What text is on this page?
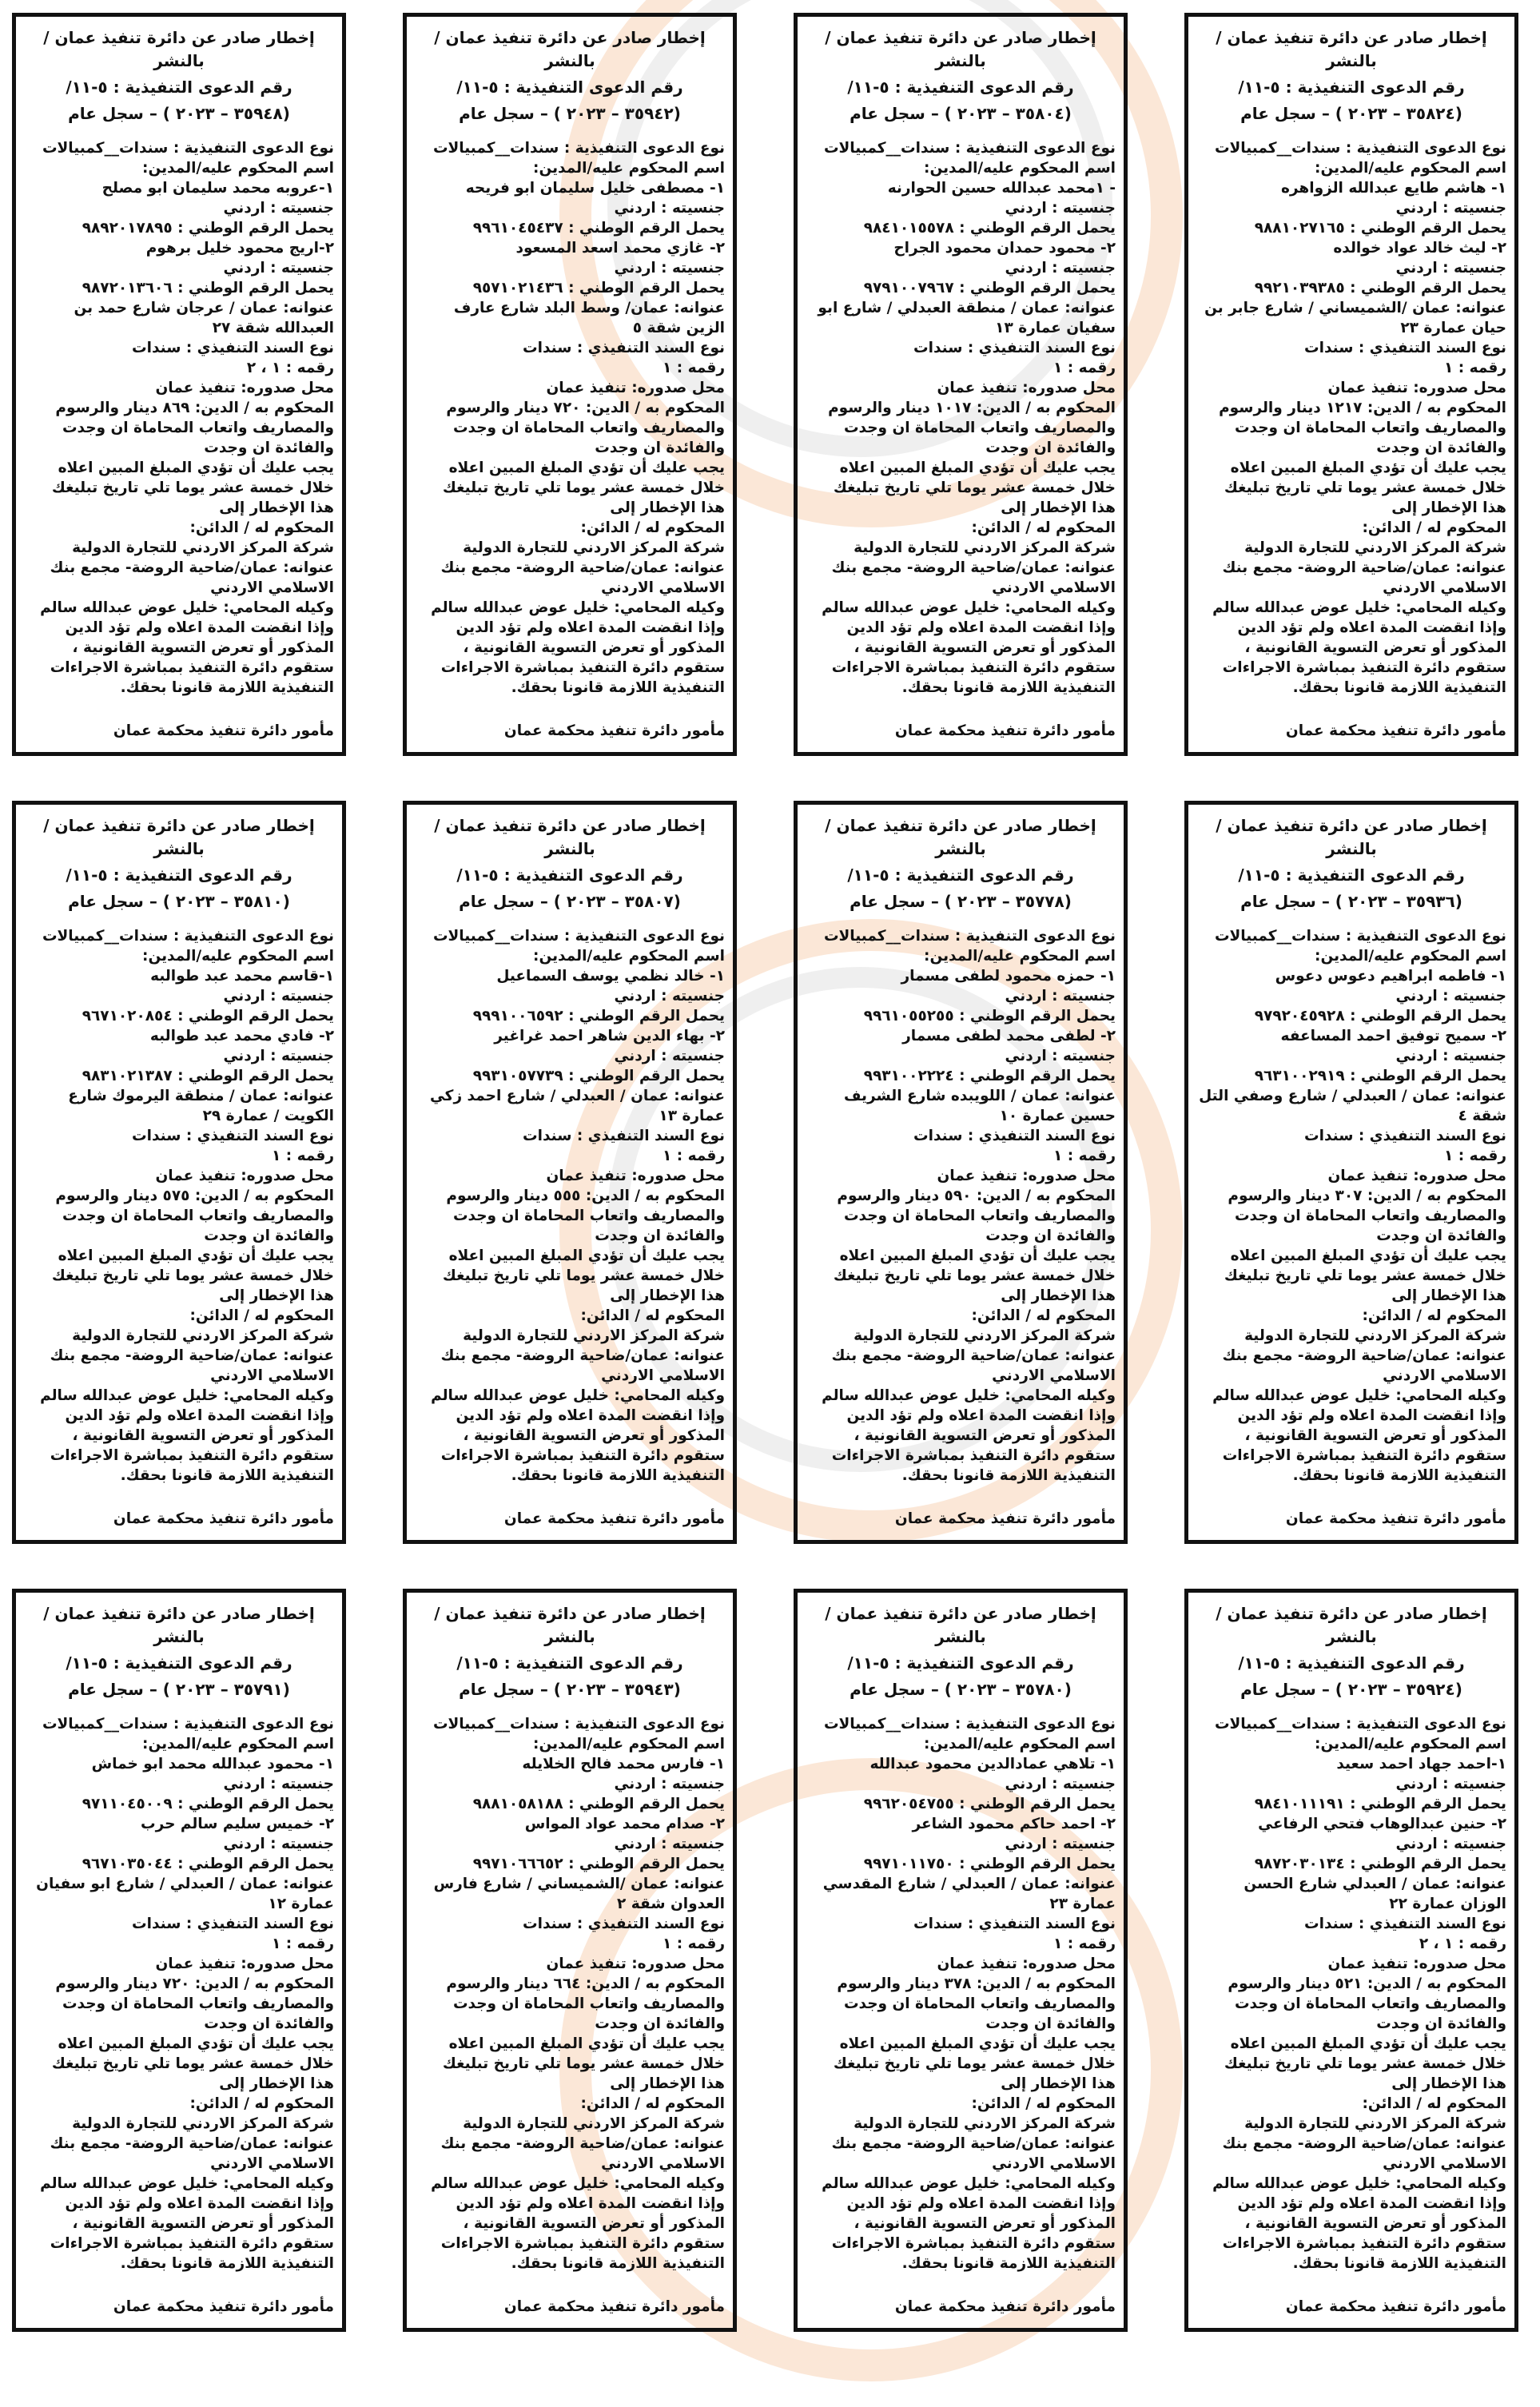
إخطار صادر عن دائرة تنفيذ عمان / بالنشر
رقم الدعوى التنفيذية : ٥-١١/
(٣٥٨٢٤ – ٢٠٢٣ ) – سجل عام
نوع الدعوى التنفيذية : سندات__كمبيالات
اسم المحكوم عليه/المدين:
١- هاشم طايع عبدالله الزواهره
جنسيته : اردني
يحمل الرقم الوطني : ٩٨٨١٠٢٧١٦٥
٢- ليث خالد عواد خوالده
جنسيته : اردني
يحمل الرقم الوطني : ٩٩٢١٠٣٩٣٨٥
عنوانه: عمان /الشميساني / شارع جابر بن حيان عمارة ٢٣
نوع السند التنفيذي : سندات
رقمه : ١
محل صدوره: تنفيذ عمان
المحكوم به / الدين: ١٢١٧ دينار والرسوم والمصاريف واتعاب المحاماة ان وجدت والفائدة ان وجدت
يجب عليك أن تؤدي المبلغ المبين اعلاه خلال خمسة عشر يوما تلي تاريخ تبليغك هذا الإخطار إلى
المحكوم له / الدائن:
شركة المركز الاردني للتجارة الدولية
عنوانه: عمان/ضاحية الروضة- مجمع بنك الاسلامي الاردني
وكيله المحامي: خليل عوض عبدالله سالم
وإذا انقضت المدة اعلاه ولم تؤد الدين المذكور أو تعرض التسوية القانونية ، ستقوم دائرة التنفيذ بمباشرة الاجراءات التنفيذية اللازمة قانونا بحقك.
مأمور دائرة تنفيذ محكمة عمان
إخطار صادر عن دائرة تنفيذ عمان / بالنشر
رقم الدعوى التنفيذية : ٥-١١/
(٣٥٨٠٤ – ٢٠٢٣ ) – سجل عام
نوع الدعوى التنفيذية : سندات__كمبيالات
اسم المحكوم عليه/المدين:
- ١محمد عبدالله حسين الحوارنه
جنسيته : اردني
يحمل الرقم الوطني : ٩٨٤١٠١٥٥٧٨
٢- محمود حمدان محمود الجراح
جنسيته : اردني
يحمل الرقم الوطني : ٩٧٩١٠٠٧٩٦٧
عنوانه: عمان / منطقة العبدلي / شارع ابو سفيان عمارة ١٣
نوع السند التنفيذي : سندات
رقمه : ١
محل صدوره: تنفيذ عمان
المحكوم به / الدين: ١٠١٧ دينار والرسوم والمصاريف واتعاب المحاماة ان وجدت والفائدة ان وجدت
يجب عليك أن تؤدي المبلغ المبين اعلاه خلال خمسة عشر يوما تلي تاريخ تبليغك هذا الإخطار إلى
المحكوم له / الدائن:
شركة المركز الاردني للتجارة الدولية
عنوانه: عمان/ضاحية الروضة- مجمع بنك الاسلامي الاردني
وكيله المحامي: خليل عوض عبدالله سالم
وإذا انقضت المدة اعلاه ولم تؤد الدين المذكور أو تعرض التسوية القانونية ، ستقوم دائرة التنفيذ بمباشرة الاجراءات التنفيذية اللازمة قانونا بحقك.
مأمور دائرة تنفيذ محكمة عمان
إخطار صادر عن دائرة تنفيذ عمان / بالنشر
رقم الدعوى التنفيذية : ٥-١١/
(٣٥٩٤٢ – ٢٠٢٣ ) – سجل عام
نوع الدعوى التنفيذية : سندات__كمبيالات
اسم المحكوم عليه/المدين:
١- مصطفى خليل سليمان ابو فريحه
جنسيته : اردني
يحمل الرقم الوطني : ٩٩٦١٠٤٥٤٣٧
٢- غازي محمد اسعد المسعود
جنسيته : اردني
يحمل الرقم الوطني : ٩٥٧١٠٢١٤٣٦
عنوانه: عمان/ وسط البلد شارع عارف الزين شقة ٥
نوع السند التنفيذي : سندات
رقمه : ١
محل صدوره: تنفيذ عمان
المحكوم به / الدين: ٧٢٠ دينار والرسوم والمصاريف واتعاب المحاماة ان وجدت والفائدة ان وجدت
يجب عليك أن تؤدي المبلغ المبين اعلاه خلال خمسة عشر يوما تلي تاريخ تبليغك هذا الإخطار إلى
المحكوم له / الدائن:
شركة المركز الاردني للتجارة الدولية
عنوانه: عمان/ضاحية الروضة- مجمع بنك الاسلامي الاردني
وكيله المحامي: خليل عوض عبدالله سالم
وإذا انقضت المدة اعلاه ولم تؤد الدين المذكور أو تعرض التسوية القانونية ، ستقوم دائرة التنفيذ بمباشرة الاجراءات التنفيذية اللازمة قانونا بحقك.
مأمور دائرة تنفيذ محكمة عمان
إخطار صادر عن دائرة تنفيذ عمان / بالنشر
رقم الدعوى التنفيذية : ٥-١١/
(٣٥٩٤٨ – ٢٠٢٣ ) – سجل عام
نوع الدعوى التنفيذية : سندات__كمبيالات
اسم المحكوم عليه/المدين:
١-عروبه محمد سليمان ابو مصلح
جنسيته : اردني
يحمل الرقم الوطني : ٩٨٩٢٠١٧٨٩٥
٢-اريج محمود خليل برهوم
جنسيته : اردني
يحمل الرقم الوطني : ٩٨٧٢٠١٣٦٠٦
عنوانه: عمان / عرجان شارع حمد بن العبدالله شقة ٢٧
نوع السند التنفيذي : سندات
رقمه : ١ ، ٢
محل صدوره: تنفيذ عمان
المحكوم به / الدين: ٨٦٩ دينار والرسوم والمصاريف واتعاب المحاماة ان وجدت والفائدة ان وجدت
يجب عليك أن تؤدي المبلغ المبين اعلاه خلال خمسة عشر يوما تلي تاريخ تبليغك هذا الإخطار إلى
المحكوم له / الدائن:
شركة المركز الاردني للتجارة الدولية
عنوانه: عمان/ضاحية الروضة- مجمع بنك الاسلامي الاردني
وكيله المحامي: خليل عوض عبدالله سالم
وإذا انقضت المدة اعلاه ولم تؤد الدين المذكور أو تعرض التسوية القانونية ، ستقوم دائرة التنفيذ بمباشرة الاجراءات التنفيذية اللازمة قانونا بحقك.
مأمور دائرة تنفيذ محكمة عمان
إخطار صادر عن دائرة تنفيذ عمان / بالنشر
رقم الدعوى التنفيذية : ٥-١١/
(٣٥٩٣٦ – ٢٠٢٣ ) – سجل عام
نوع الدعوى التنفيذية : سندات__كمبيالات
اسم المحكوم عليه/المدين:
١- فاطمه ابراهيم دعوس دعوس
جنسيته : اردني
يحمل الرقم الوطني : ٩٧٩٢٠٤٥٩٢٨
٢- سميح توفيق احمد المساعفه
جنسيته : اردني
يحمل الرقم الوطني : ٩٦٣١٠٠٢٩١٩
عنوانه: عمان / العبدلي / شارع وصفي التل شقة ٤
نوع السند التنفيذي : سندات
رقمه : ١
محل صدوره: تنفيذ عمان
المحكوم به / الدين: ٣٠٧ دينار والرسوم والمصاريف واتعاب المحاماة ان وجدت والفائدة ان وجدت
يجب عليك أن تؤدي المبلغ المبين اعلاه خلال خمسة عشر يوما تلي تاريخ تبليغك هذا الإخطار إلى
المحكوم له / الدائن:
شركة المركز الاردني للتجارة الدولية
عنوانه: عمان/ضاحية الروضة- مجمع بنك الاسلامي الاردني
وكيله المحامي: خليل عوض عبدالله سالم
وإذا انقضت المدة اعلاه ولم تؤد الدين المذكور أو تعرض التسوية القانونية ، ستقوم دائرة التنفيذ بمباشرة الاجراءات التنفيذية اللازمة قانونا بحقك.
مأمور دائرة تنفيذ محكمة عمان
إخطار صادر عن دائرة تنفيذ عمان / بالنشر
رقم الدعوى التنفيذية : ٥-١١/
(٣٥٧٧٨ – ٢٠٢٣ ) – سجل عام
نوع الدعوى التنفيذية : سندات__كمبيالات
اسم المحكوم عليه/المدين:
١- حمزه محمود لطفى مسمار
جنسيته : اردني
يحمل الرقم الوطني : ٩٩٦١٠٥٥٢٥٥
٢- لطفى محمد لطفى مسمار
جنسيته : اردني
يحمل الرقم الوطني : ٩٩٣١٠٠٢٢٢٤
عنوانه: عمان / اللويبده شارع الشريف حسين عمارة ١٠
نوع السند التنفيذي : سندات
رقمه : ١
محل صدوره: تنفيذ عمان
المحكوم به / الدين: ٥٩٠ دينار والرسوم والمصاريف واتعاب المحاماة ان وجدت والفائدة ان وجدت
يجب عليك أن تؤدي المبلغ المبين اعلاه خلال خمسة عشر يوما تلي تاريخ تبليغك هذا الإخطار إلى
المحكوم له / الدائن:
شركة المركز الاردني للتجارة الدولية
عنوانه: عمان/ضاحية الروضة- مجمع بنك الاسلامي الاردني
وكيله المحامي: خليل عوض عبدالله سالم
وإذا انقضت المدة اعلاه ولم تؤد الدين المذكور أو تعرض التسوية القانونية ، ستقوم دائرة التنفيذ بمباشرة الاجراءات التنفيذية اللازمة قانونا بحقك.
مأمور دائرة تنفيذ محكمة عمان
إخطار صادر عن دائرة تنفيذ عمان / بالنشر
رقم الدعوى التنفيذية : ٥-١١/
(٣٥٨٠٧ – ٢٠٢٣ ) – سجل عام
نوع الدعوى التنفيذية : سندات__كمبيالات
اسم المحكوم عليه/المدين:
١- خالد نظمي يوسف السماعيل
جنسيته : اردني
يحمل الرقم الوطني : ٩٩٩١٠٠٦٥٩٢
٢- بهاء الدين شاهر احمد غراغير
جنسيته : اردني
يحمل الرقم الوطني : ٩٩٣١٠٥٧٧٣٩
عنوانه: عمان / العبدلي / شارع احمد زكي عمارة ١٣
نوع السند التنفيذي : سندات
رقمه : ١
محل صدوره: تنفيذ عمان
المحكوم به / الدين: ٥٥٥ دينار والرسوم والمصاريف واتعاب المحاماة ان وجدت والفائدة ان وجدت
يجب عليك أن تؤدي المبلغ المبين اعلاه خلال خمسة عشر يوما تلي تاريخ تبليغك هذا الإخطار إلى
المحكوم له / الدائن:
شركة المركز الاردني للتجارة الدولية
عنوانه: عمان/ضاحية الروضة- مجمع بنك الاسلامي الاردني
وكيله المحامي: خليل عوض عبدالله سالم
وإذا انقضت المدة اعلاه ولم تؤد الدين المذكور أو تعرض التسوية القانونية ، ستقوم دائرة التنفيذ بمباشرة الاجراءات التنفيذية اللازمة قانونا بحقك.
مأمور دائرة تنفيذ محكمة عمان
إخطار صادر عن دائرة تنفيذ عمان / بالنشر
رقم الدعوى التنفيذية : ٥-١١/
(٣٥٨١٠ – ٢٠٢٣ ) – سجل عام
نوع الدعوى التنفيذية : سندات__كمبيالات
اسم المحكوم عليه/المدين:
١-قاسم محمد عبد طوالبه
جنسيته : اردني
يحمل الرقم الوطني : ٩٦٧١٠٢٠٨٥٤
٢- فادي محمد عبد طوالبه
جنسيته : اردني
يحمل الرقم الوطني : ٩٨٣١٠٢١٣٨٧
عنوانه: عمان / منطقة اليرموك شارع الكويت / عمارة ٢٩
نوع السند التنفيذي : سندات
رقمه : ١
محل صدوره: تنفيذ عمان
المحكوم به / الدين: ٥٧٥ دينار والرسوم والمصاريف واتعاب المحاماة ان وجدت والفائدة ان وجدت
يجب عليك أن تؤدي المبلغ المبين اعلاه خلال خمسة عشر يوما تلي تاريخ تبليغك هذا الإخطار إلى
المحكوم له / الدائن:
شركة المركز الاردني للتجارة الدولية
عنوانه: عمان/ضاحية الروضة- مجمع بنك الاسلامي الاردني
وكيله المحامي: خليل عوض عبدالله سالم
وإذا انقضت المدة اعلاه ولم تؤد الدين المذكور أو تعرض التسوية القانونية ، ستقوم دائرة التنفيذ بمباشرة الاجراءات التنفيذية اللازمة قانونا بحقك.
مأمور دائرة تنفيذ محكمة عمان
إخطار صادر عن دائرة تنفيذ عمان / بالنشر
رقم الدعوى التنفيذية : ٥-١١/
(٣٥٩٢٤ – ٢٠٢٣ ) – سجل عام
نوع الدعوى التنفيذية : سندات__كمبيالات
اسم المحكوم عليه/المدين:
١-احمد جهاد احمد سعيد
جنسيته : اردني
يحمل الرقم الوطني : ٩٨٤١٠١١١٩١
٢- حنين عبدالوهاب فتحي الرفاعي
جنسيته : اردني
يحمل الرقم الوطني : ٩٨٧٢٠٣٠١٣٤
عنوانه: عمان / العبدلي شارع الحسن الوزان عمارة ٢٢
نوع السند التنفيذي : سندات
رقمه : ١ ، ٢
محل صدوره: تنفيذ عمان
المحكوم به / الدين: ٥٢١ دينار والرسوم والمصاريف واتعاب المحاماة ان وجدت والفائدة ان وجدت
يجب عليك أن تؤدي المبلغ المبين اعلاه خلال خمسة عشر يوما تلي تاريخ تبليغك هذا الإخطار إلى
المحكوم له / الدائن:
شركة المركز الاردني للتجارة الدولية
عنوانه: عمان/ضاحية الروضة- مجمع بنك الاسلامي الاردني
وكيله المحامي: خليل عوض عبدالله سالم
وإذا انقضت المدة اعلاه ولم تؤد الدين المذكور أو تعرض التسوية القانونية ، ستقوم دائرة التنفيذ بمباشرة الاجراءات التنفيذية اللازمة قانونا بحقك.
مأمور دائرة تنفيذ محكمة عمان
إخطار صادر عن دائرة تنفيذ عمان / بالنشر
رقم الدعوى التنفيذية : ٥-١١/
(٣٥٧٨٠ – ٢٠٢٣ ) – سجل عام
نوع الدعوى التنفيذية : سندات__كمبيالات
اسم المحكوم عليه/المدين:
١- تلاهي عمادالدين محمود عبدالله
جنسيته : اردني
يحمل الرقم الوطني : ٩٩٦٢٠٥٤٧٥٥
٢- احمد حاكم محمود الشاعر
جنسيته : اردني
يحمل الرقم الوطني : ٩٩٧١٠١١٧٥٠
عنوانه: عمان / العبدلي / شارع المقدسي عمارة ٢٣
نوع السند التنفيذي : سندات
رقمه : ١
محل صدوره: تنفيذ عمان
المحكوم به / الدين: ٣٧٨ دينار والرسوم والمصاريف واتعاب المحاماة ان وجدت والفائدة ان وجدت
يجب عليك أن تؤدي المبلغ المبين اعلاه خلال خمسة عشر يوما تلي تاريخ تبليغك هذا الإخطار إلى
المحكوم له / الدائن:
شركة المركز الاردني للتجارة الدولية
عنوانه: عمان/ضاحية الروضة- مجمع بنك الاسلامي الاردني
وكيله المحامي: خليل عوض عبدالله سالم
وإذا انقضت المدة اعلاه ولم تؤد الدين المذكور أو تعرض التسوية القانونية ، ستقوم دائرة التنفيذ بمباشرة الاجراءات التنفيذية اللازمة قانونا بحقك.
مأمور دائرة تنفيذ محكمة عمان
إخطار صادر عن دائرة تنفيذ عمان / بالنشر
رقم الدعوى التنفيذية : ٥-١١/
(٣٥٩٤٣ – ٢٠٢٣ ) – سجل عام
نوع الدعوى التنفيذية : سندات__كمبيالات
اسم المحكوم عليه/المدين:
١- فارس محمد فالح الخلايله
جنسيته : اردني
يحمل الرقم الوطني : ٩٨٨١٠٥٨١٨٨
٢- صدام محمد عواد المواس
جنسيته : اردني
يحمل الرقم الوطني : ٩٩٧١٠٦٦٦٥٢
عنوانه: عمان /الشميساني / شارع فارس العدوان شقة ٢
نوع السند التنفيذي : سندات
رقمه : ١
محل صدوره: تنفيذ عمان
المحكوم به / الدين: ٦٦٤ دينار والرسوم والمصاريف واتعاب المحاماة ان وجدت والفائدة ان وجدت
يجب عليك أن تؤدي المبلغ المبين اعلاه خلال خمسة عشر يوما تلي تاريخ تبليغك هذا الإخطار إلى
المحكوم له / الدائن:
شركة المركز الاردني للتجارة الدولية
عنوانه: عمان/ضاحية الروضة- مجمع بنك الاسلامي الاردني
وكيله المحامي: خليل عوض عبدالله سالم
وإذا انقضت المدة اعلاه ولم تؤد الدين المذكور أو تعرض التسوية القانونية ، ستقوم دائرة التنفيذ بمباشرة الاجراءات التنفيذية اللازمة قانونا بحقك.
مأمور دائرة تنفيذ محكمة عمان
إخطار صادر عن دائرة تنفيذ عمان / بالنشر
رقم الدعوى التنفيذية : ٥-١١/
(٣٥٧٩١ – ٢٠٢٣ ) – سجل عام
نوع الدعوى التنفيذية : سندات__كمبيالات
اسم المحكوم عليه/المدين:
١- محمود عبدالله محمد ابو خماش
جنسيته : اردني
يحمل الرقم الوطني : ٩٧١١٠٤٥٠٠٩
٢- خميس سليم سالم حرب
جنسيته : اردني
يحمل الرقم الوطني : ٩٦٧١٠٣٥٠٤٤
عنوانه: عمان / العبدلي / شارع ابو سفيان عمارة ١٢
نوع السند التنفيذي : سندات
رقمه : ١
محل صدوره: تنفيذ عمان
المحكوم به / الدين: ٧٢٠ دينار والرسوم والمصاريف واتعاب المحاماة ان وجدت والفائدة ان وجدت
يجب عليك أن تؤدي المبلغ المبين اعلاه خلال خمسة عشر يوما تلي تاريخ تبليغك هذا الإخطار إلى
المحكوم له / الدائن:
شركة المركز الاردني للتجارة الدولية
عنوانه: عمان/ضاحية الروضة- مجمع بنك الاسلامي الاردني
وكيله المحامي: خليل عوض عبدالله سالم
وإذا انقضت المدة اعلاه ولم تؤد الدين المذكور أو تعرض التسوية القانونية ، ستقوم دائرة التنفيذ بمباشرة الاجراءات التنفيذية اللازمة قانونا بحقك.
مأمور دائرة تنفيذ محكمة عمان
